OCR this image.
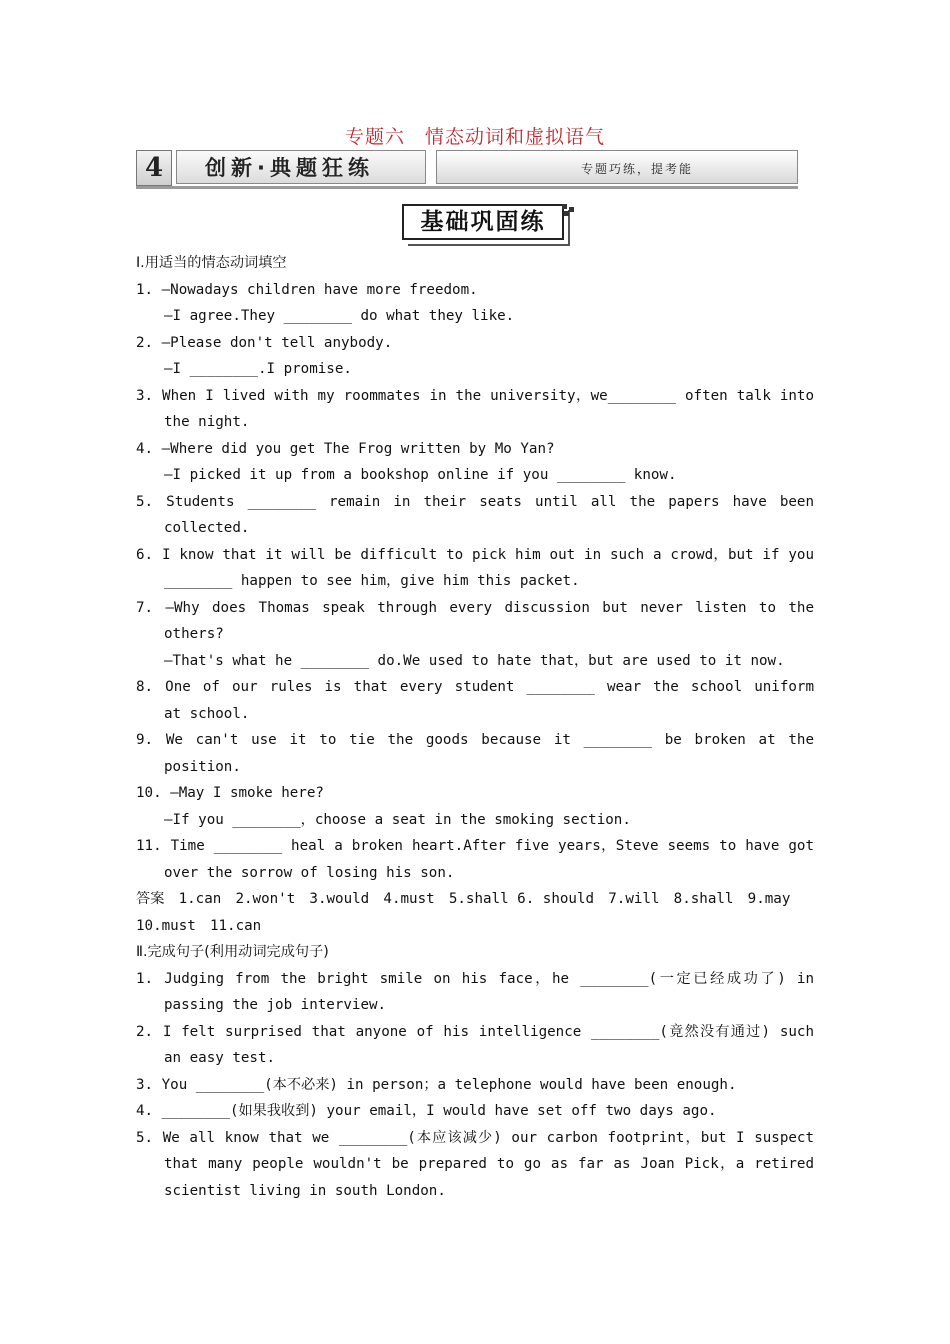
专题六　情态动词和虚拟语气
4	创新·典题狂练	专题巧练，提考能
基础巩固练
Ⅰ.用适当的情态动词填空
1. —Nowadays children have more freedom.
—I agree.They ________ do what they like.
2. —Please don't tell anybody.
—I ________.I promise.
3. When I lived with my roommates in the university，we________ often talk into
the night.
4. —Where did you get The Frog written by Mo Yan?
—I picked it up from a bookshop online if you ________ know.
5. Students ________ remain in their seats until all the papers have been
collected.
6. I know that it will be difficult to pick him out in such a crowd，but if you
________ happen to see him，give him this packet.
7. —Why does Thomas speak through every discussion but never listen to the
others?
—That's what he ________ do.We used to hate that，but are used to it now.
8. One of our rules is that every student ________ wear the school uniform
at school.
9. We can't use it to tie the goods because it ________ be broken at the
position.
10. —May I smoke here?
—If you ________，choose a seat in the smoking section.
11. Time ________ heal a broken heart.After five years，Steve seems to have got
over the sorrow of losing his son.
答案　1.can　2.won't　3.would　4.must　5.shall 6. should　7.will　8.shall　9.may
10.must　11.can
Ⅱ.完成句子(利用动词完成句子)
1. Judging from the bright smile on his face，he ________(一定已经成功了) in
passing the job interview.
2. I felt surprised that anyone of his intelligence ________(竟然没有通过) such
an easy test.
3. You ________(本不必来) in person；a telephone would have been enough.
4. ________(如果我收到) your email，I would have set off two days ago.
5. We all know that we ________(本应该减少) our carbon footprint，but I suspect
that many people wouldn't be prepared to go as far as Joan Pick，a retired
scientist living in south London.
